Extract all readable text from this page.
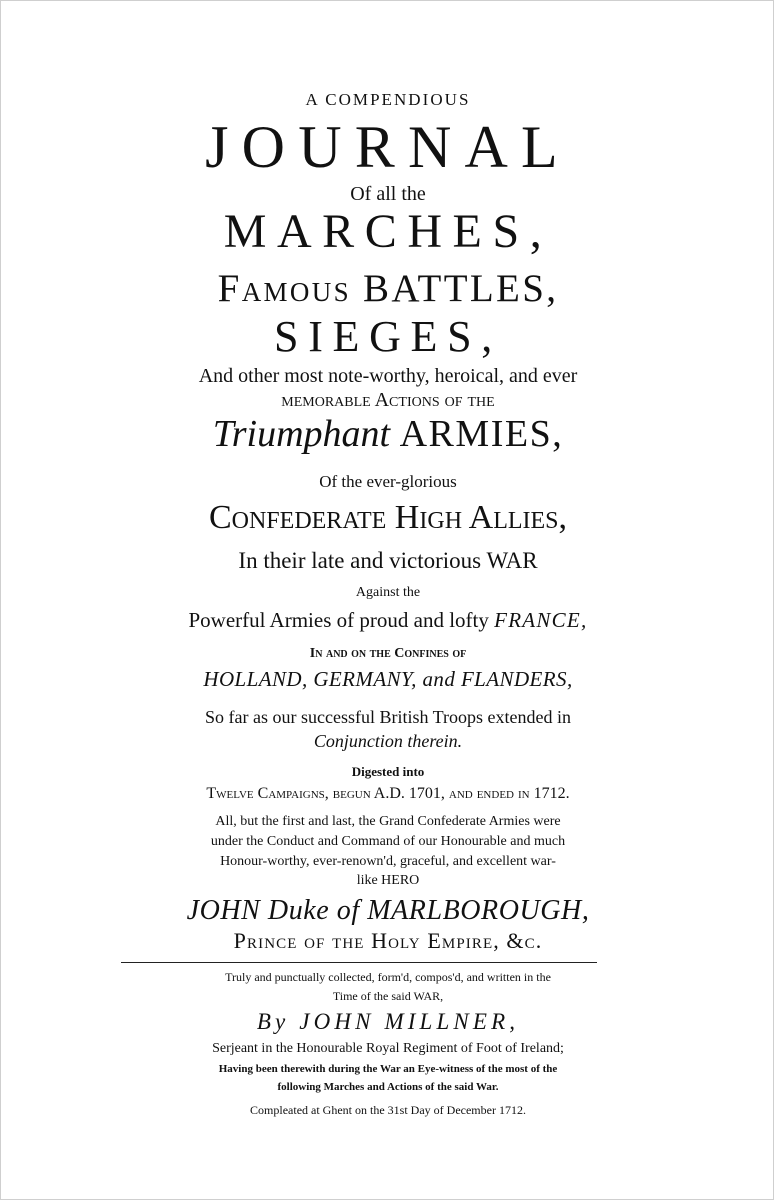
A COMPENDIOUS
JOURNAL
Of all the
MARCHES,
Famous BATTLES,
SIEGES,
And other most note-worthy, heroical, and ever
memorable Actions of the
Triumphant ARMIES,
Of the ever-glorious
Confederate High Allies,
In their late and victorious WAR
Against the
Powerful Armies of proud and lofty FRANCE,
In and on the Confines of
HOLLAND, GERMANY, and FLANDERS,
So far as our successful British Troops extended in
Conjunction therein.
Digested into
Twelve Campaigns, begun A.D. 1701, and ended in 1712.
All, but the first and last, the Grand Confederate Armies were
under the Conduct and Command of our Honourable and much
Honour-worthy, ever-renown'd, graceful, and excellent war-
like HERO
JOHN Duke of MARLBOROUGH,
Prince of the Holy Empire, &c.
Truly and punctually collected, form'd, compos'd, and written in the
Time of the said WAR,
By JOHN MILLNER,
Serjeant in the Honourable Royal Regiment of Foot of Ireland;
Having been therewith during the War an Eye-witness of the most of the
following Marches and Actions of the said War.
Compleated at Ghent on the 31st Day of December 1712.
